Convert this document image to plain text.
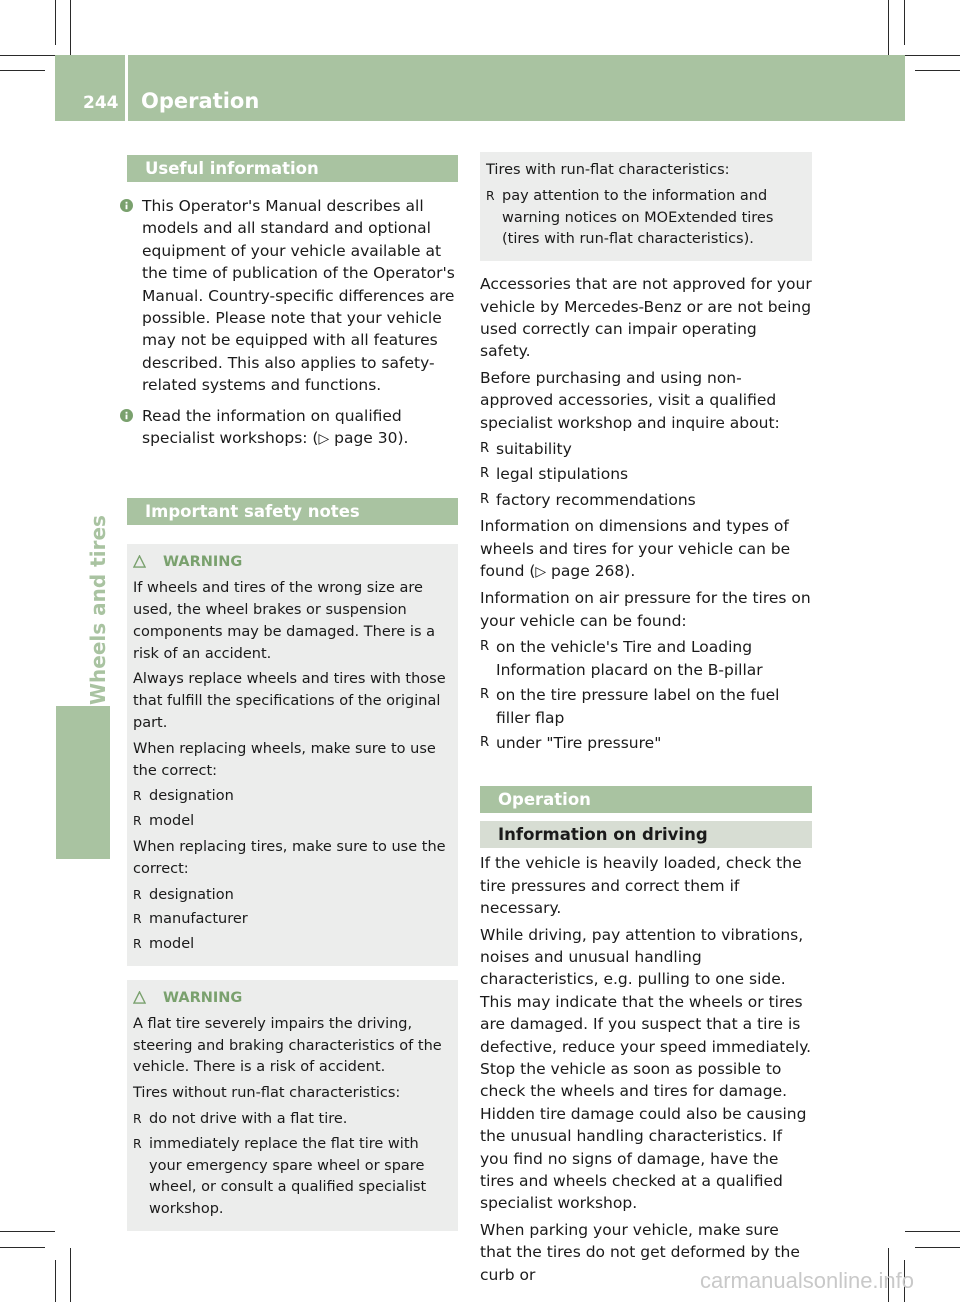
244 Operation
Wheels and tires
Useful information
This Operator's Manual describes all models and all standard and optional equipment of your vehicle available at the time of publication of the Operator's Manual. Country-specific differences are possible. Please note that your vehicle may not be equipped with all features described. This also applies to safety-related systems and functions.
Read the information on qualified specialist workshops: (▷ page 30).
Important safety notes

WARNING

If wheels and tires of the wrong size are used, the wheel brakes or suspension components may be damaged. There is a risk of an accident.

Always replace wheels and tires with those that fulfill the specifications of the original part.

When replacing wheels, make sure to use the correct:

R designation
R model

When replacing tires, make sure to use the correct:

R designation
R manufacturer
R model

WARNING

A flat tire severely impairs the driving, steering and braking characteristics of the vehicle. There is a risk of accident.

Tires without run-flat characteristics:

R do not drive with a flat tire.
R immediately replace the flat tire with your emergency spare wheel or spare wheel, or consult a qualified specialist workshop.

Tires with run-flat characteristics:

R pay attention to the information and warning notices on MOExtended tires (tires with run-flat characteristics).

Accessories that are not approved for your vehicle by Mercedes-Benz or are not being used correctly can impair operating safety.

Before purchasing and using non-approved accessories, visit a qualified specialist workshop and inquire about:

R suitability
R legal stipulations
R factory recommendations

Information on dimensions and types of wheels and tires for your vehicle can be found (▷ page 268).

Information on air pressure for the tires on your vehicle can be found:

R on the vehicle's Tire and Loading Information placard on the B-pillar
R on the tire pressure label on the fuel filler flap
R under "Tire pressure"
Operation
Information on driving

If the vehicle is heavily loaded, check the tire pressures and correct them if necessary.

While driving, pay attention to vibrations, noises and unusual handling characteristics, e.g. pulling to one side. This may indicate that the wheels or tires are damaged. If you suspect that a tire is defective, reduce your speed immediately. Stop the vehicle as soon as possible to check the wheels and tires for damage. Hidden tire damage could also be causing the unusual handling characteristics. If you find no signs of damage, have the tires and wheels checked at a qualified specialist workshop.

When parking your vehicle, make sure that the tires do not get deformed by the curb or	carmanualsonline.info
